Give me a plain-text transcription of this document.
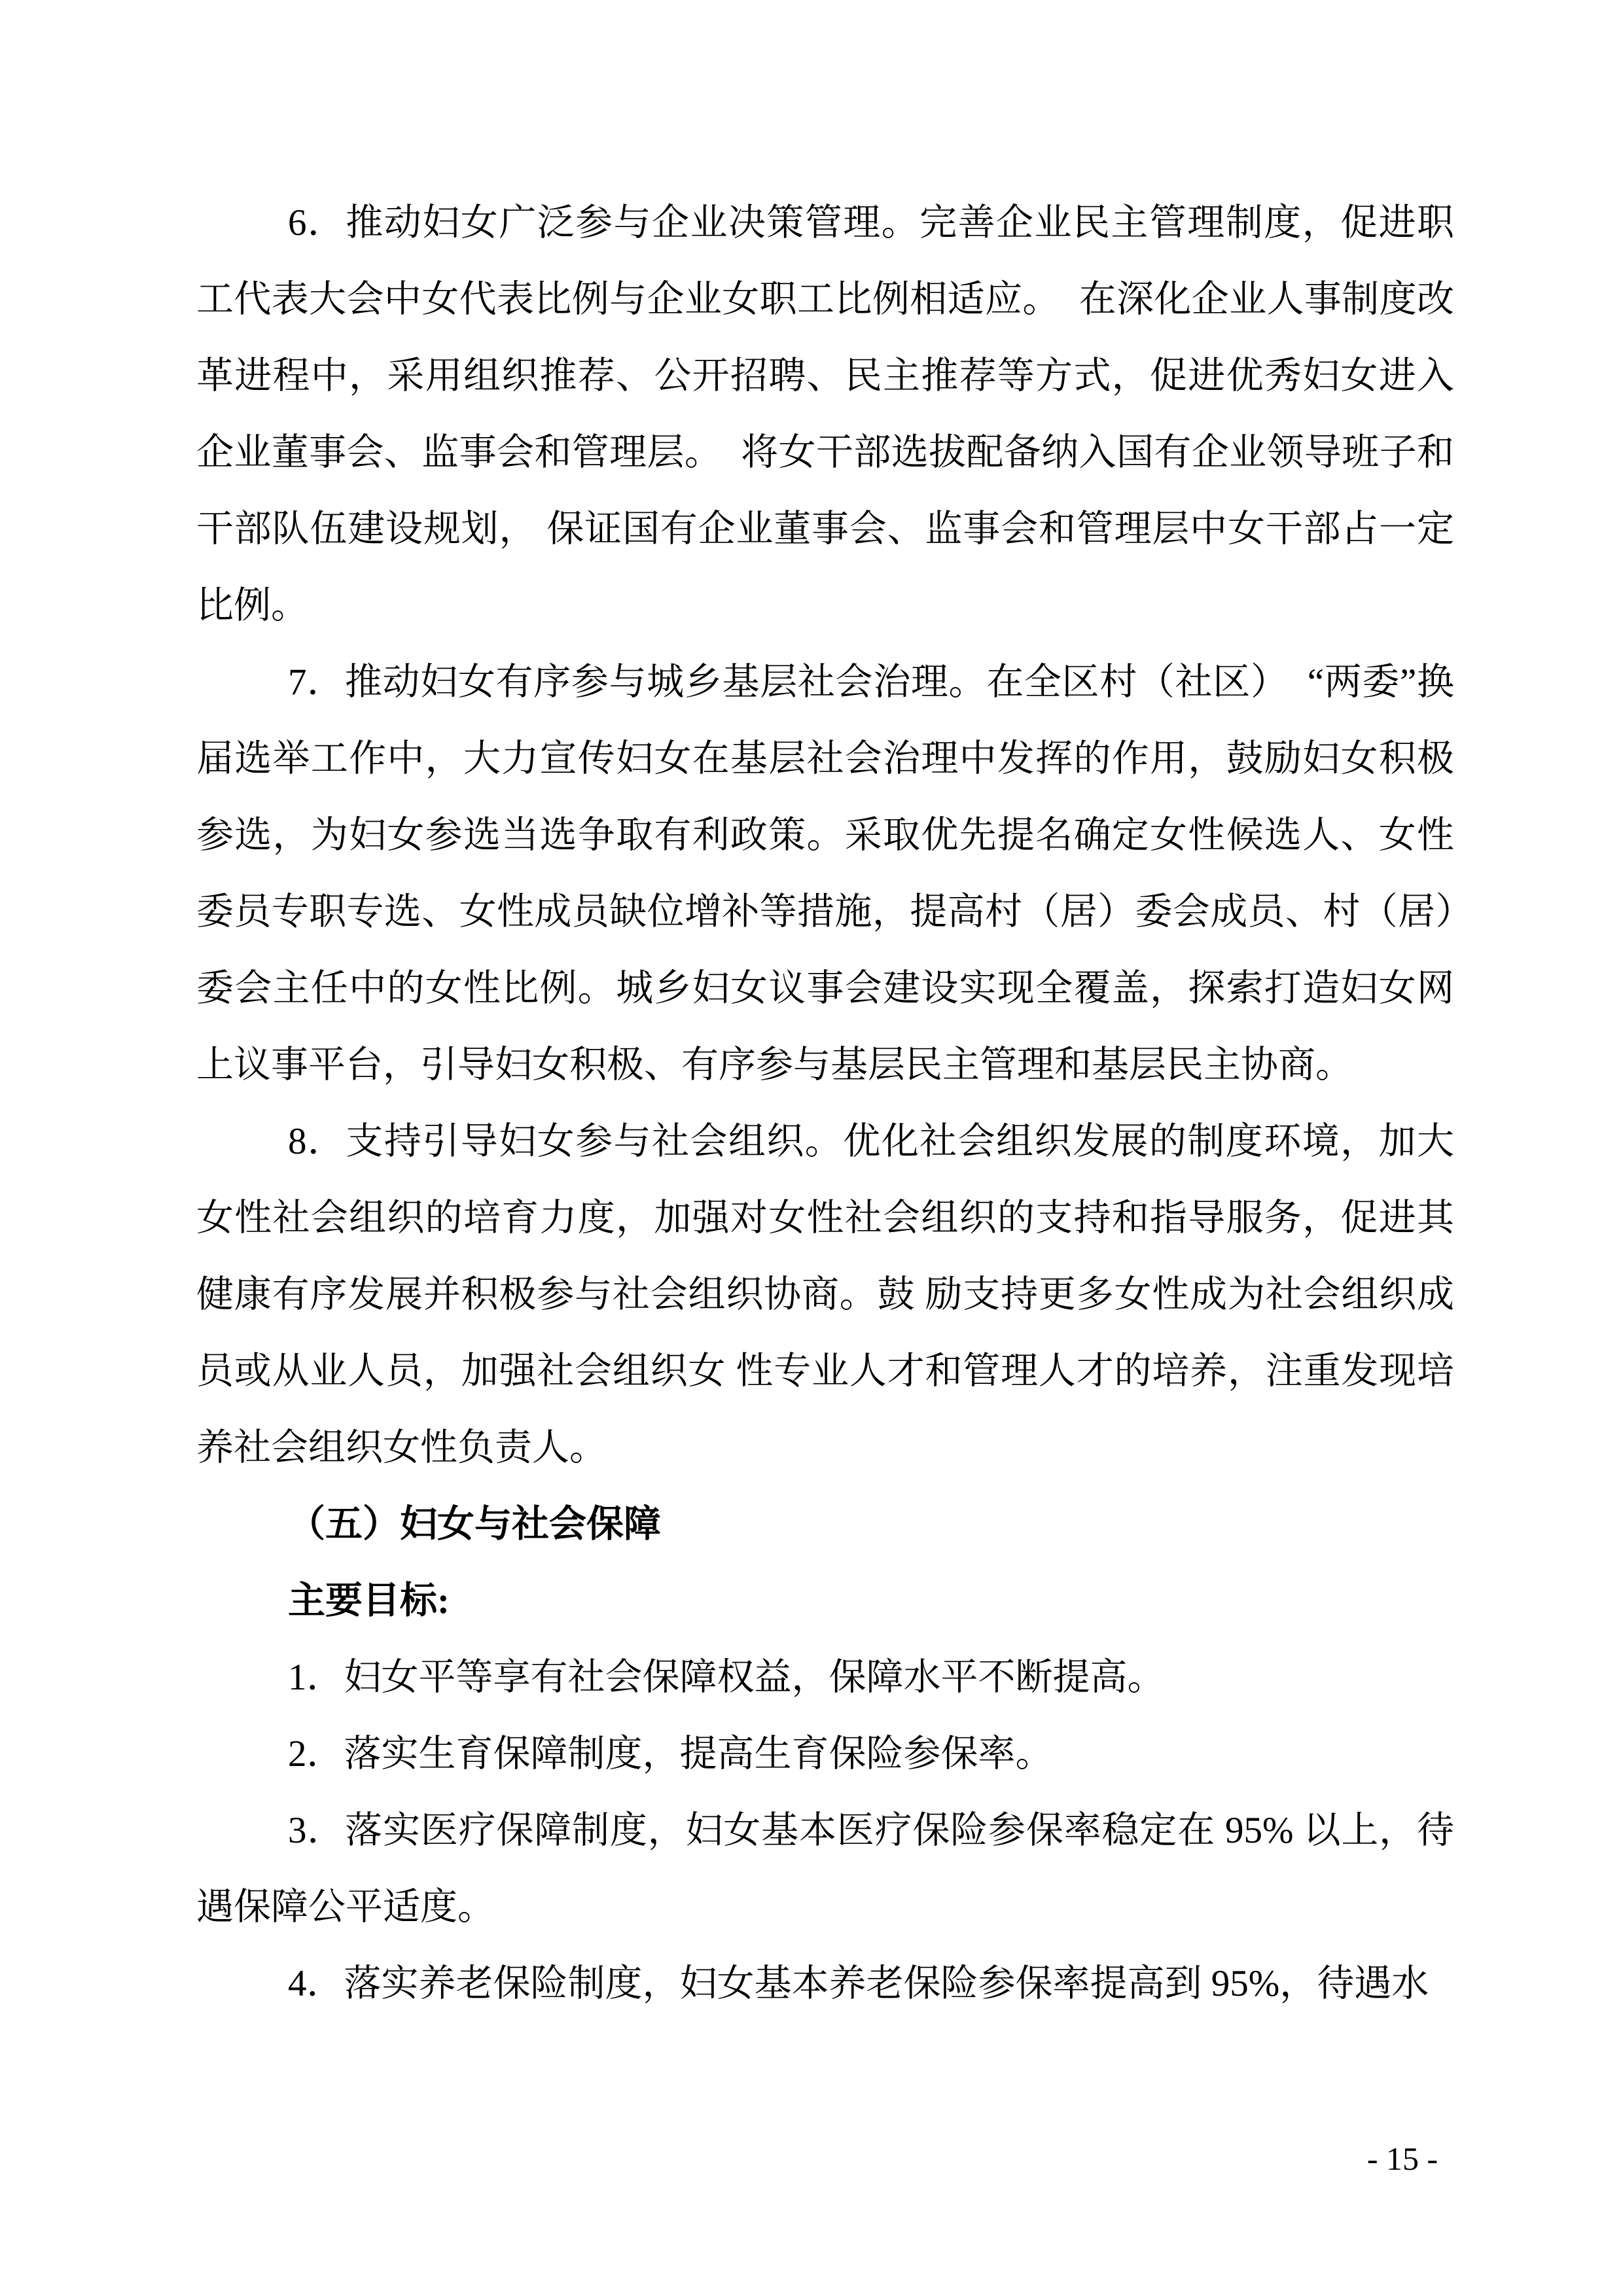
6．推动妇女广泛参与企业决策管理。完善企业民主管理制度，促进职工代表大会中女代表比例与企业女职工比例相适应。　在深化企业人事制度改革进程中，采用组织推荐、公开招聘、民主推荐等方式，促进优秀妇女进入企业董事会、监事会和管理层。　将女干部选拔配备纳入国有企业领导班子和干部队伍建设规划， 保证国有企业董事会、监事会和管理层中女干部占一定比例。

7．推动妇女有序参与城乡基层社会治理。在全区村（社区）　“两委”换届选举工作中，大力宣传妇女在基层社会治理中发挥的作用，鼓励妇女积极参选，为妇女参选当选争取有利政策。采取优先提名确定女性候选人、女性委员专职专选、女性成员缺位增补等措施，提高村（居）委会成员、村（居）委会主任中的女性比例。城乡妇女议事会建设实现全覆盖，探索打造妇女网上议事平台，引导妇女积极、有序参与基层民主管理和基层民主协商。

8．支持引导妇女参与社会组织。优化社会组织发展的制度环境，加大女性社会组织的培育力度，加强对女性社会组织的支持和指导服务，促进其健康有序发展并积极参与社会组织协商。鼓 励支持更多女性成为社会组织成员或从业人员，加强社会组织女 性专业人才和管理人才的培养，注重发现培养社会组织女性负责人。

（五）妇女与社会保障

主要目标:

1．妇女平等享有社会保障权益，保障水平不断提高。

2．落实生育保障制度，提高生育保险参保率。

3．落实医疗保障制度，妇女基本医疗保险参保率稳定在 95% 以上，待遇保障公平适度。

4．落实养老保险制度，妇女基本养老保险参保率提高到 95%，待遇水

- 15 -
